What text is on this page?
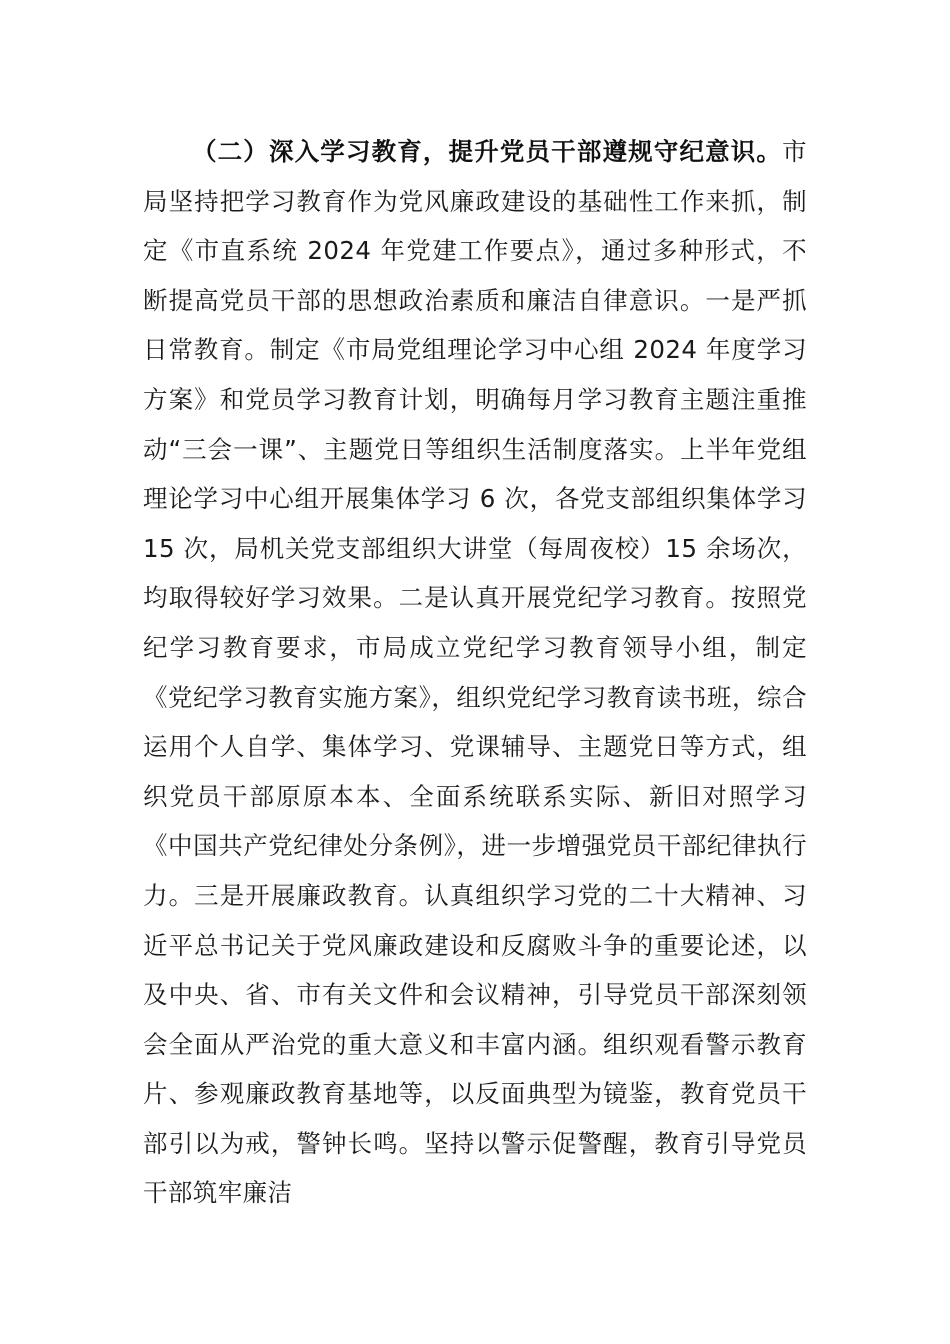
（二）深入学习教育，提升党员干部遵规守纪意识。市局坚持把学习教育作为党风廉政建设的基础性工作来抓，制定《市直系统 2024 年党建工作要点》，通过多种形式，不断提高党员干部的思想政治素质和廉洁自律意识。一是严抓日常教育。制定《市局党组理论学习中心组 2024 年度学习方案》和党员学习教育计划，明确每月学习教育主题注重推动“三会一课”、主题党日等组织生活制度落实。上半年党组理论学习中心组开展集体学习 6 次，各党支部组织集体学习 15 次，局机关党支部组织大讲堂（每周夜校）15 余场次，均取得较好学习效果。二是认真开展党纪学习教育。按照党纪学习教育要求，市局成立党纪学习教育领导小组，制定《党纪学习教育实施方案》，组织党纪学习教育读书班，综合运用个人自学、集体学习、党课辅导、主题党日等方式，组织党员干部原原本本、全面系统联系实际、新旧对照学习《中国共产党纪律处分条例》，进一步增强党员干部纪律执行力。三是开展廉政教育。认真组织学习党的二十大精神、习近平总书记关于党风廉政建设和反腐败斗争的重要论述，以及中央、省、市有关文件和会议精神，引导党员干部深刻领会全面从严治党的重大意义和丰富内涵。组织观看警示教育片、参观廉政教育基地等，以反面典型为镜鉴，教育党员干部引以为戒，警钟长鸣。坚持以警示促警醒，教育引导党员干部筑牢廉洁
